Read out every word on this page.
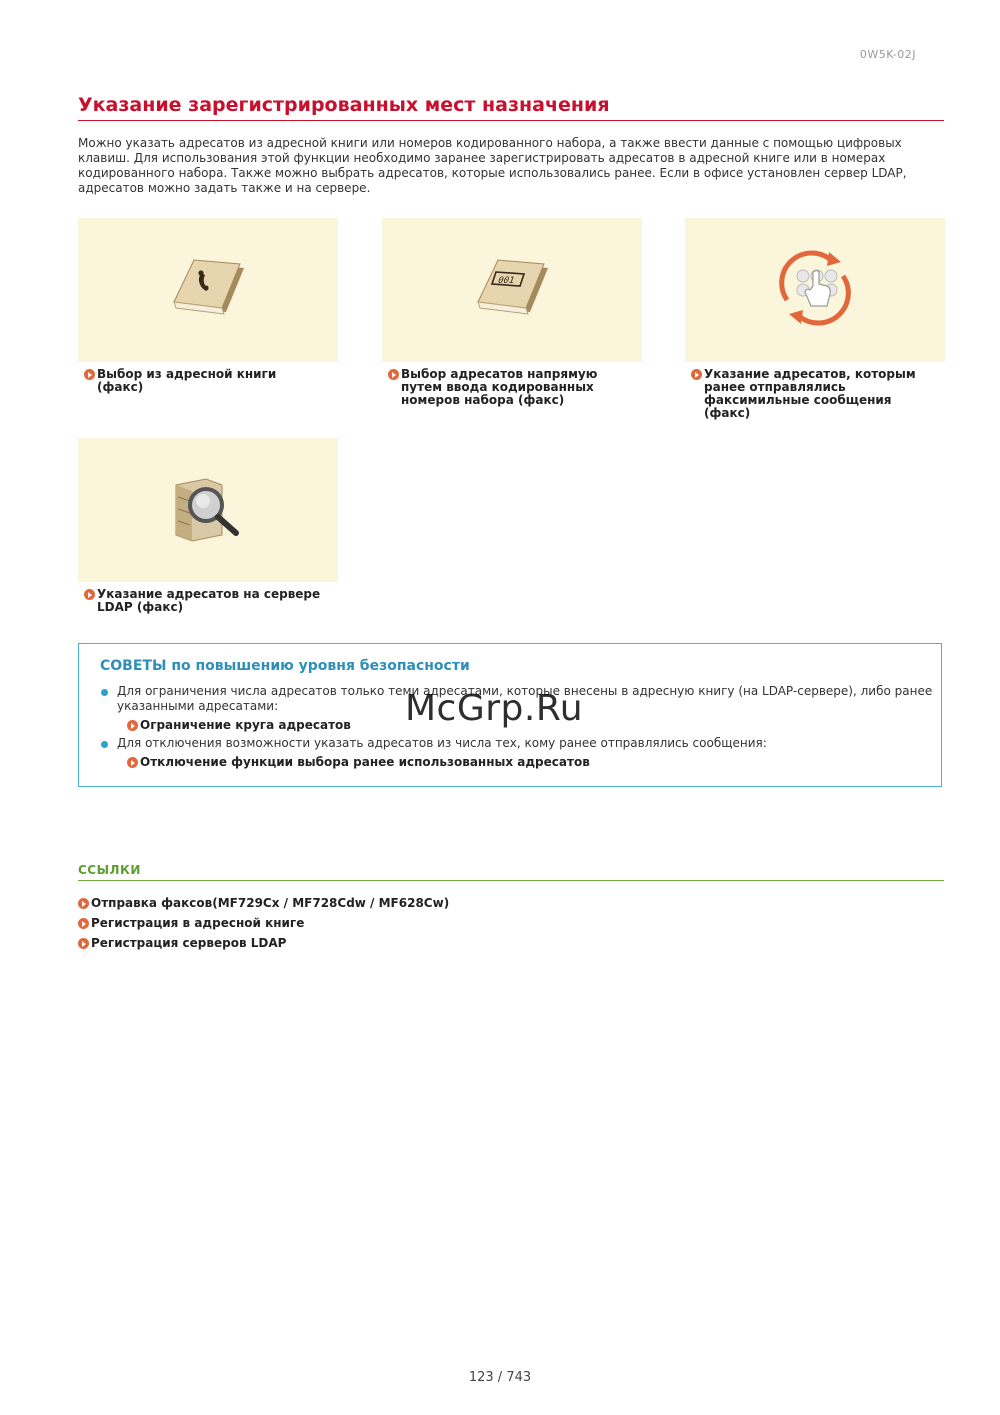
0W5K-02J
Указание зарегистрированных мест назначения

Можно указать адресатов из адресной книги или номеров кодированного набора, а также ввести данные с помощью цифровых клавиш. Для использования этой функции необходимо заранее зарегистрировать адресатов в адресной книге или в номерах кодированного набора. Также можно выбрать адресатов, которые использовались ранее. Если в офисе установлен сервер LDAP, адресатов можно задать также и на сервере.

Выбор из адресной книги (факс)
001
Выбор адресатов напрямую путем ввода кодированных номеров набора (факс)
Указание адресатов, которым ранее отправлялись факсимильные сообщения (факс)
Указание адресатов на сервере LDAP (факс)
СОВЕТЫ по повышению уровня безопасности
Для ограничения числа адресатов только теми адресатами, которые внесены в адресную книгу (на LDAP-сервере), либо ранее указанными адресатами:
Ограничение круга адресатов
Для отключения возможности указать адресатов из числа тех, кому ранее отправлялись сообщения:
Отключение функции выбора ранее использованных адресатов
McGrp.Ru
ССЫЛКИ
Отправка факсов(MF729Cx / MF728Cdw / MF628Cw)
Регистрация в адресной книге
Регистрация серверов LDAP
123 / 743
